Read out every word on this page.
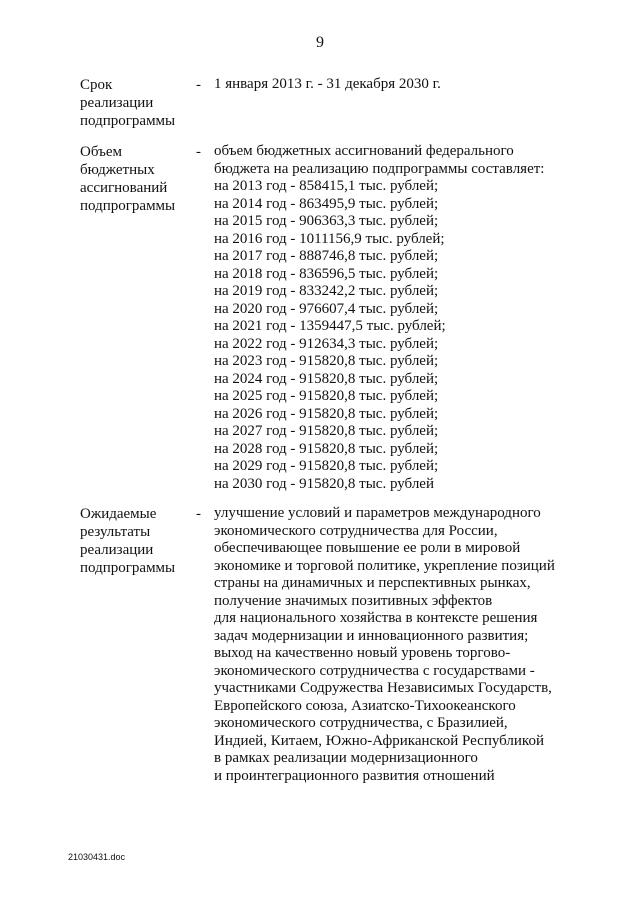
9
Срок
реализации
подпрограммы
- 1 января 2013 г. - 31 декабря 2030 г.
Объем
бюджетных
ассигнований
подпрограммы
- объем бюджетных ассигнований федерального
бюджета на реализацию подпрограммы составляет:
на 2013 год - 858415,1 тыс. рублей;
на 2014 год - 863495,9 тыс. рублей;
на 2015 год - 906363,3 тыс. рублей;
на 2016 год - 1011156,9 тыс. рублей;
на 2017 год - 888746,8 тыс. рублей;
на 2018 год - 836596,5 тыс. рублей;
на 2019 год - 833242,2 тыс. рублей;
на 2020 год - 976607,4 тыс. рублей;
на 2021 год - 1359447,5 тыс. рублей;
на 2022 год - 912634,3 тыс. рублей;
на 2023 год - 915820,8 тыс. рублей;
на 2024 год - 915820,8 тыс. рублей;
на 2025 год - 915820,8 тыс. рублей;
на 2026 год - 915820,8 тыс. рублей;
на 2027 год - 915820,8 тыс. рублей;
на 2028 год - 915820,8 тыс. рублей;
на 2029 год - 915820,8 тыс. рублей;
на 2030 год - 915820,8 тыс. рублей
Ожидаемые
результаты
реализации
подпрограммы
- улучшение условий и параметров международного
экономического сотрудничества для России,
обеспечивающее повышение ее роли в мировой
экономике и торговой политике, укрепление позиций
страны на динамичных и перспективных рынках,
получение значимых позитивных эффектов
для национального хозяйства в контексте решения
задач модернизации и инновационного развития;
выход на качественно новый уровень торгово-
экономического сотрудничества с государствами -
участниками Содружества Независимых Государств,
Европейского союза, Азиатско-Тихоокеанского
экономического сотрудничества, с Бразилией,
Индией, Китаем, Южно-Африканской Республикой
в рамках реализации модернизационного
и проинтеграционного развития отношений
21030431.doc
